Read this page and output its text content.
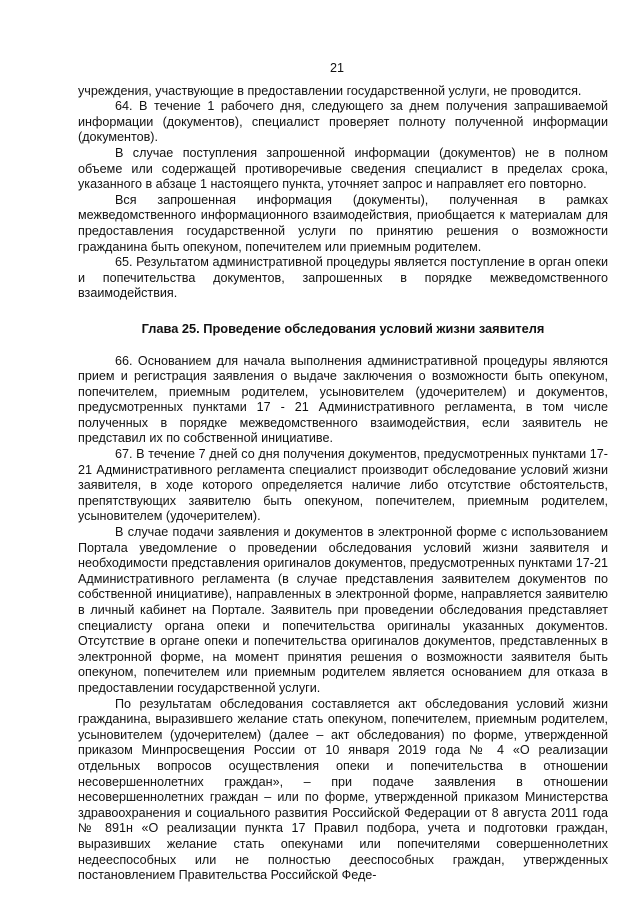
21

учреждения, участвующие в предоставлении государственной услуги, не проводится.

64. В течение 1 рабочего дня, следующего за днем получения запрашиваемой информации (документов), специалист проверяет полноту полученной информации (документов).

В случае поступления запрошенной информации (документов) не в полном объеме или содержащей противоречивые сведения специалист в пределах срока, указанного в абзаце 1 настоящего пункта, уточняет запрос и направляет его повторно.

Вся запрошенная информация (документы), полученная в рамках межведомственного информационного взаимодействия, приобщается к материалам для предоставления государственной услуги по принятию решения о возможности гражданина быть опекуном, попечителем или приемным родителем.

65. Результатом административной процедуры является поступление в орган опеки и попечительства документов, запрошенных в порядке межведомственного взаимодействия.

Глава 25. Проведение обследования условий жизни заявителя

66. Основанием для начала выполнения административной процедуры являются прием и регистрация заявления о выдаче заключения о возможности быть опекуном, попечителем, приемным родителем, усыновителем (удочерителем) и документов, предусмотренных пунктами 17 - 21 Административного регламента, в том числе полученных в порядке межведомственного взаимодействия, если заявитель не представил их по собственной инициативе.

67. В течение 7 дней со дня получения документов, предусмотренных пунктами 17-21 Административного регламента специалист производит обследование условий жизни заявителя, в ходе которого определяется наличие либо отсутствие обстоятельств, препятствующих заявителю быть опекуном, попечителем, приемным родителем, усыновителем (удочерителем).

В случае подачи заявления и документов в электронной форме с использованием Портала уведомление о проведении обследования условий жизни заявителя и необходимости представления оригиналов документов, предусмотренных пунктами 17-21 Административного регламента (в случае представления заявителем документов по собственной инициативе), направленных в электронной форме, направляется заявителю в личный кабинет на Портале. Заявитель при проведении обследования представляет специалисту органа опеки и попечительства оригиналы указанных документов. Отсутствие в органе опеки и попечительства оригиналов документов, представленных в электронной форме, на момент принятия решения о возможности заявителя быть опекуном, попечителем или приемным родителем является основанием для отказа в предоставлении государственной услуги.

По результатам обследования составляется акт обследования условий жизни гражданина, выразившего желание стать опекуном, попечителем, приемным родителем, усыновителем (удочерителем) (далее – акт обследования) по форме, утвержденной приказом Минпросвещения России от 10 января 2019 года № 4 «О реализации отдельных вопросов осуществления опеки и попечительства в отношении несовершеннолетних граждан», – при подаче заявления в отношении несовершеннолетних граждан – или по форме, утвержденной приказом Министерства здравоохранения и социального развития Российской Федерации от 8 августа 2011 года № 891н «О реализации пункта 17 Правил подбора, учета и подготовки граждан, выразивших желание стать опекунами или попечителями совершеннолетних недееспособных или не полностью дееспособных граждан, утвержденных постановлением Правительства Российской Феде-
